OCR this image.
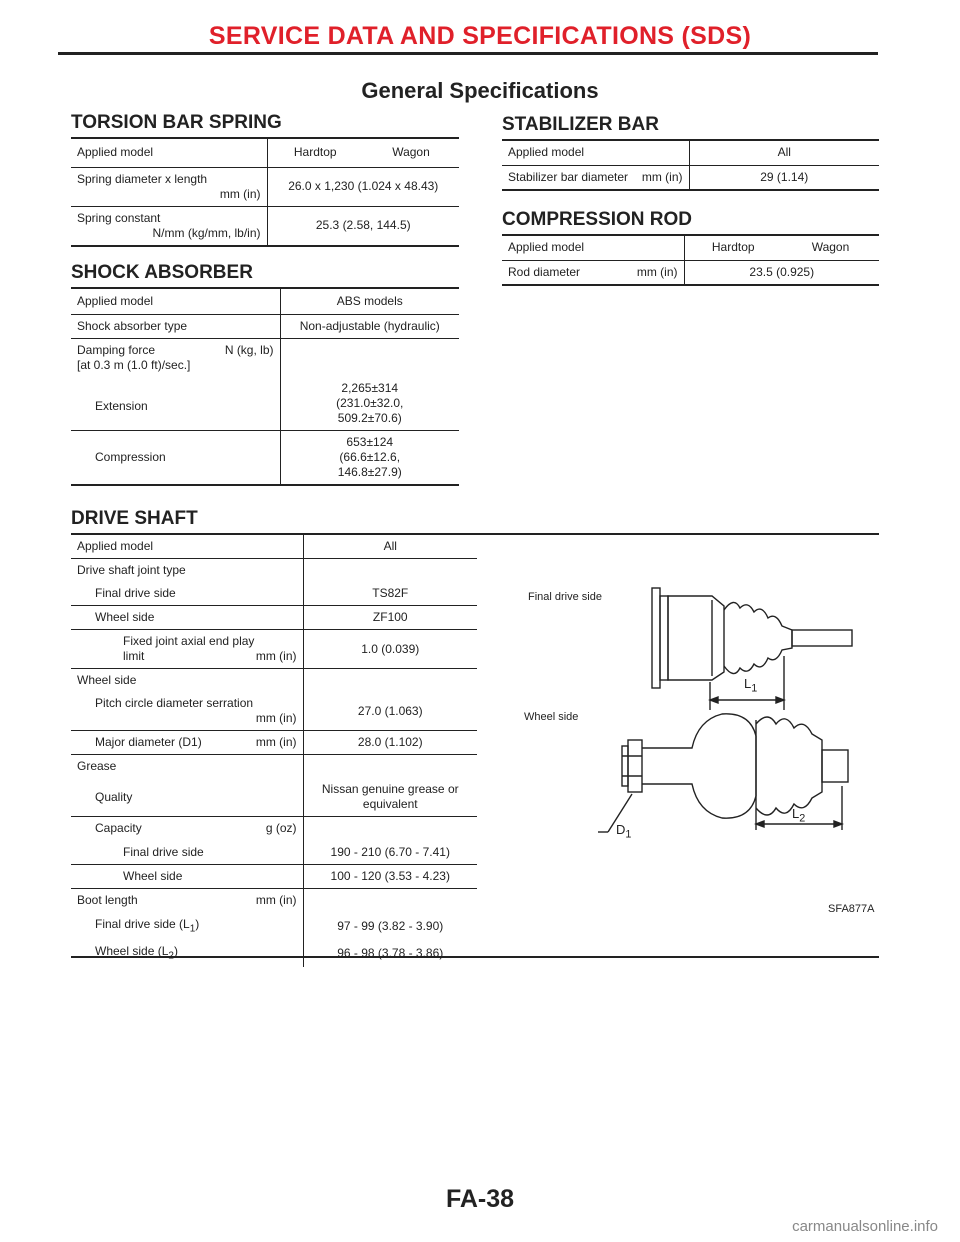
SERVICE DATA AND SPECIFICATIONS (SDS)
General Specifications
TORSION BAR SPRING
Applied model	Hardtop	Wagon

Spring diameter x length
mm (in)	26.0 x 1,230 (1.024 x 48.43)	

Spring constant
N/mm (kg/mm, lb/in)	25.3 (2.58, 144.5)	
SHOCK ABSORBER
Applied model	ABS models
Shock absorber type	Non-adjustable (hydraulic)

Damping force N (kg, lb)
[at 0.3 m (1.0 ft)/sec.]	

Extension	2,265±314
(231.0±32.0,
509.2±70.6)

Compression	653±124
(66.6±12.6,
146.8±27.9)
STABILIZER BAR
Applied model	All

Stabilizer bar diameter mm (in)	29 (1.14)
COMPRESSION ROD
Applied model	Hardtop	Wagon

Rod diameter mm (in)	23.5 (0.925)	
DRIVE SHAFT
Applied model	All
Drive shaft joint type	
Final drive side	TS82F
Wheel side	ZF100

Fixed joint axial end play
limit mm (in)	1.0 (0.039)
Wheel side	

Pitch circle diameter serration
mm (in)	27.0 (1.063)

Major diameter (D1) mm (in)	28.0 (1.102)
Grease	
Quality	Nissan genuine grease or
equivalent

Capacity g (oz)	

Final drive side	190 - 210 (6.70 - 7.41)
Wheel side	100 - 120 (3.53 - 4.23)

Boot length mm (in)	

Final drive side $(L_1)$	97 - 99 (3.82 - 3.90)
Wheel side $(L_2)$	96 - 98 (3.78 - 3.86)
Final drive side
Wheel side
$L_1$
$L_2$
$D_1$
SFA877A
FA-38
carmanualsonline.info
